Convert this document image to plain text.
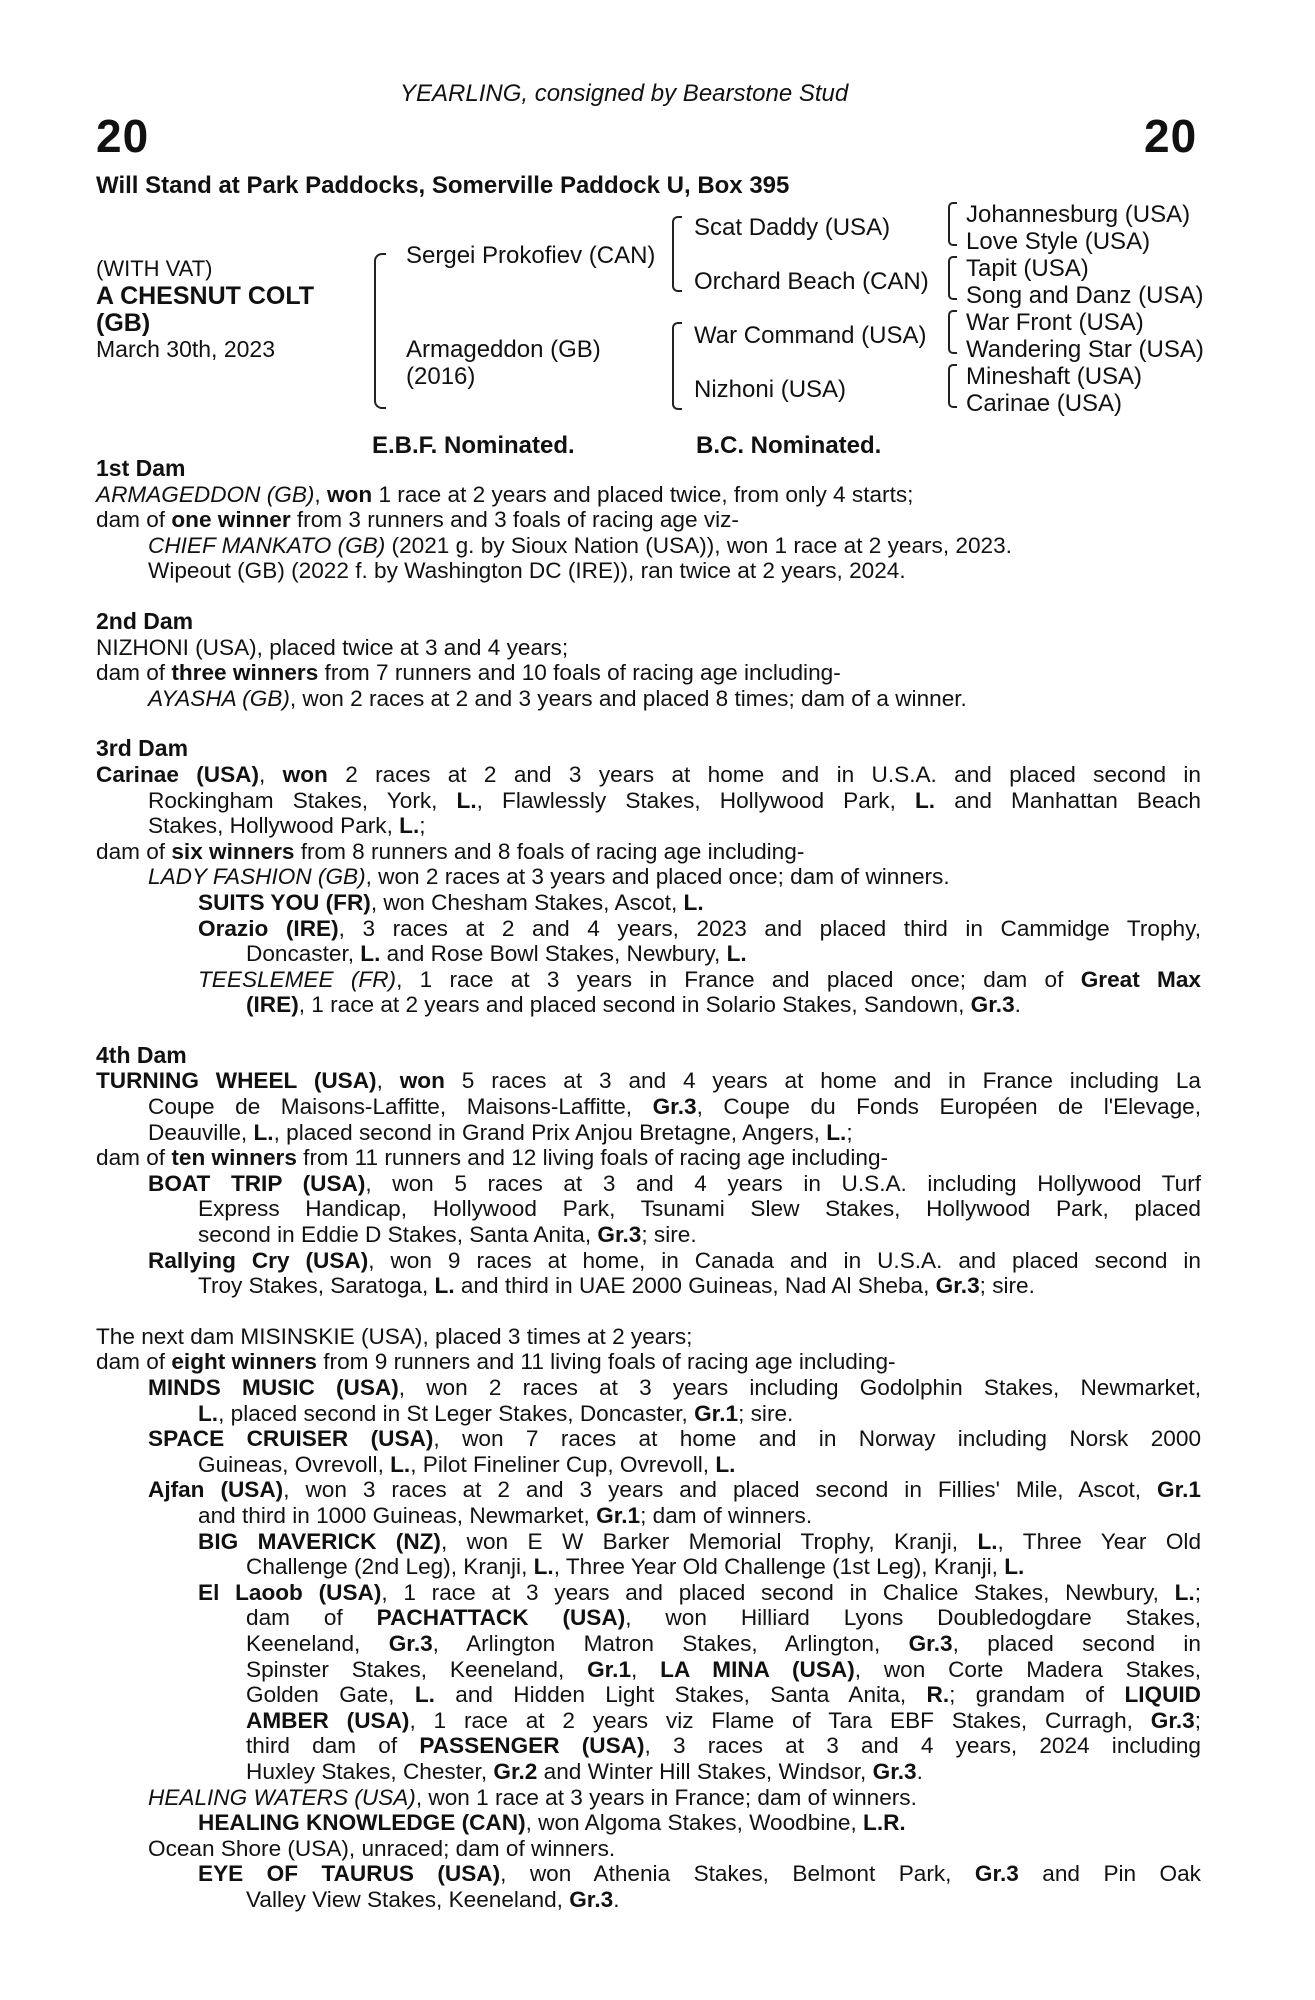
YEARLING, consigned by Bearstone Stud
20	20
Will Stand at Park Paddocks, Somerville Paddock U, Box 395
(WITH VAT)
A CHESNUT COLT
(GB)
March 30th, 2023
Sergei Prokofiev (CAN)
Armageddon (GB)
(2016)
Scat Daddy (USA)
Orchard Beach (CAN)
War Command (USA)
Nizhoni (USA)
Johannesburg (USA)
Love Style (USA)
Tapit (USA)
Song and Danz (USA)
War Front (USA)
Wandering Star (USA)
Mineshaft (USA)
Carinae (USA)
E.B.F. Nominated.	B.C. Nominated.
1st Dam
ARMAGEDDON (GB), won 1 race at 2 years and placed twice, from only 4 starts;
dam of one winner from 3 runners and 3 foals of racing age viz-
CHIEF MANKATO (GB) (2021 g. by Sioux Nation (USA)), won 1 race at 2 years, 2023.
Wipeout (GB) (2022 f. by Washington DC (IRE)), ran twice at 2 years, 2024.
2nd Dam
NIZHONI (USA), placed twice at 3 and 4 years;
dam of three winners from 7 runners and 10 foals of racing age including-
AYASHA (GB), won 2 races at 2 and 3 years and placed 8 times; dam of a winner.
3rd Dam
Carinae (USA), won 2 races at 2 and 3 years at home and in U.S.A. and placed second in
Rockingham Stakes, York, L., Flawlessly Stakes, Hollywood Park, L. and Manhattan Beach
Stakes, Hollywood Park, L.;
dam of six winners from 8 runners and 8 foals of racing age including-
LADY FASHION (GB), won 2 races at 3 years and placed once; dam of winners.
SUITS YOU (FR), won Chesham Stakes, Ascot, L.
Orazio (IRE), 3 races at 2 and 4 years, 2023 and placed third in Cammidge Trophy,
Doncaster, L. and Rose Bowl Stakes, Newbury, L.
TEESLEMEE (FR), 1 race at 3 years in France and placed once; dam of Great Max
(IRE), 1 race at 2 years and placed second in Solario Stakes, Sandown, Gr.3.
4th Dam
TURNING WHEEL (USA), won 5 races at 3 and 4 years at home and in France including La
Coupe de Maisons-Laffitte, Maisons-Laffitte, Gr.3, Coupe du Fonds Européen de l'Elevage,
Deauville, L., placed second in Grand Prix Anjou Bretagne, Angers, L.;
dam of ten winners from 11 runners and 12 living foals of racing age including-
BOAT TRIP (USA), won 5 races at 3 and 4 years in U.S.A. including Hollywood Turf
Express Handicap, Hollywood Park, Tsunami Slew Stakes, Hollywood Park, placed
second in Eddie D Stakes, Santa Anita, Gr.3; sire.
Rallying Cry (USA), won 9 races at home, in Canada and in U.S.A. and placed second in
Troy Stakes, Saratoga, L. and third in UAE 2000 Guineas, Nad Al Sheba, Gr.3; sire.
The next dam MISINSKIE (USA), placed 3 times at 2 years;
dam of eight winners from 9 runners and 11 living foals of racing age including-
MINDS MUSIC (USA), won 2 races at 3 years including Godolphin Stakes, Newmarket,
L., placed second in St Leger Stakes, Doncaster, Gr.1; sire.
SPACE CRUISER (USA), won 7 races at home and in Norway including Norsk 2000
Guineas, Ovrevoll, L., Pilot Fineliner Cup, Ovrevoll, L.
Ajfan (USA), won 3 races at 2 and 3 years and placed second in Fillies' Mile, Ascot, Gr.1
and third in 1000 Guineas, Newmarket, Gr.1; dam of winners.
BIG MAVERICK (NZ), won E W Barker Memorial Trophy, Kranji, L., Three Year Old
Challenge (2nd Leg), Kranji, L., Three Year Old Challenge (1st Leg), Kranji, L.
El Laoob (USA), 1 race at 3 years and placed second in Chalice Stakes, Newbury, L.;
dam of PACHATTACK (USA), won Hilliard Lyons Doubledogdare Stakes,
Keeneland, Gr.3, Arlington Matron Stakes, Arlington, Gr.3, placed second in
Spinster Stakes, Keeneland, Gr.1, LA MINA (USA), won Corte Madera Stakes,
Golden Gate, L. and Hidden Light Stakes, Santa Anita, R.; grandam of LIQUID
AMBER (USA), 1 race at 2 years viz Flame of Tara EBF Stakes, Curragh, Gr.3;
third dam of PASSENGER (USA), 3 races at 3 and 4 years, 2024 including
Huxley Stakes, Chester, Gr.2 and Winter Hill Stakes, Windsor, Gr.3.
HEALING WATERS (USA), won 1 race at 3 years in France; dam of winners.
HEALING KNOWLEDGE (CAN), won Algoma Stakes, Woodbine, L.R.
Ocean Shore (USA), unraced; dam of winners.
EYE OF TAURUS (USA), won Athenia Stakes, Belmont Park, Gr.3 and Pin Oak
Valley View Stakes, Keeneland, Gr.3.
